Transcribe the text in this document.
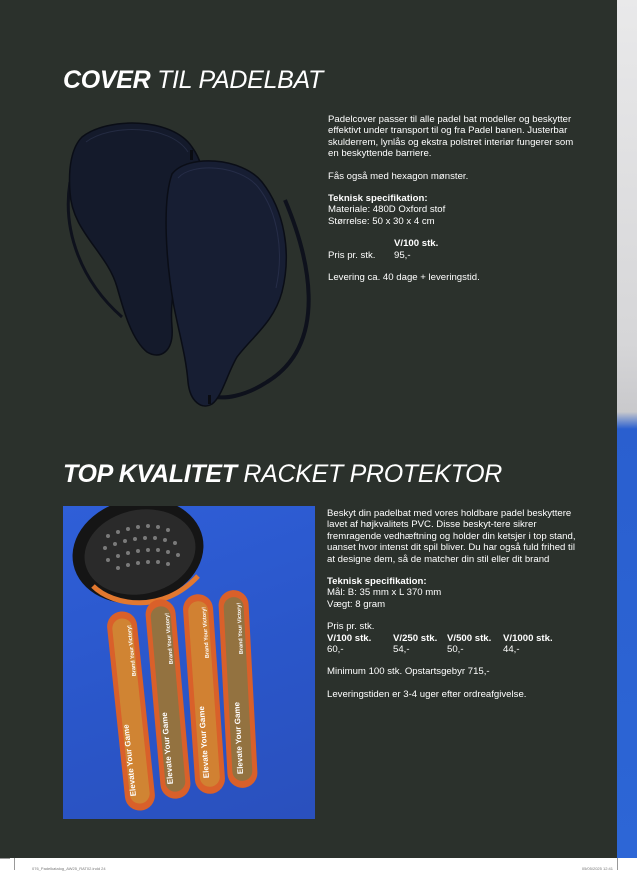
COVER TIL PADELBAT

Padelcover passer til alle padel bat modeller og beskytter effektivt under transport til og fra Padel banen. Justerbar skulderrem, lynlås og ekstra polstret interiør fungerer som en beskyttende barriere.

Fås også med hexagon mønster.

Teknisk specifikation:

Materiale: 480D Oxford stof

Størrelse: 50 x 30 x 4 cm

V/100 stk.
Pris pr. stk.	95,-

Levering ca. 40 dage + leveringstid.

TOP KVALITET RACKET PROTEKTOR
Elevate Your Game	Elevate Your Game	Elevate Your Game	Elevate Your Game
Brand Your Victory!	Brand Your Victory!	Brand Your Victory!	Brand Your Victory!

Beskyt din padelbat med vores holdbare padel beskyttere lavet af højkvalitets PVC. Disse beskyt-tere sikrer fremragende vedhæftning og holder din ketsjer i top stand, uanset hvor intenst dit spil bliver. Du har også fuld frihed til at designe dem, så de matcher din stil eller dit brand

Teknisk specifikation:

Mål: B: 35 mm x L 370 mm

Vægt: 8 gram

Pris pr. stk.

V/100 stk.	V/250 stk.	V/500 stk.	V/1000 stk.
60,-	54,-	50,-	44,-

Minimum 100 stk. Opstartsgebyr 715,-

Leveringstiden er 3-4 uger efter ordreafgivelse.

076_Padelkatalog_AW25_RAT02.indd 24	05/05/2025 12:41
